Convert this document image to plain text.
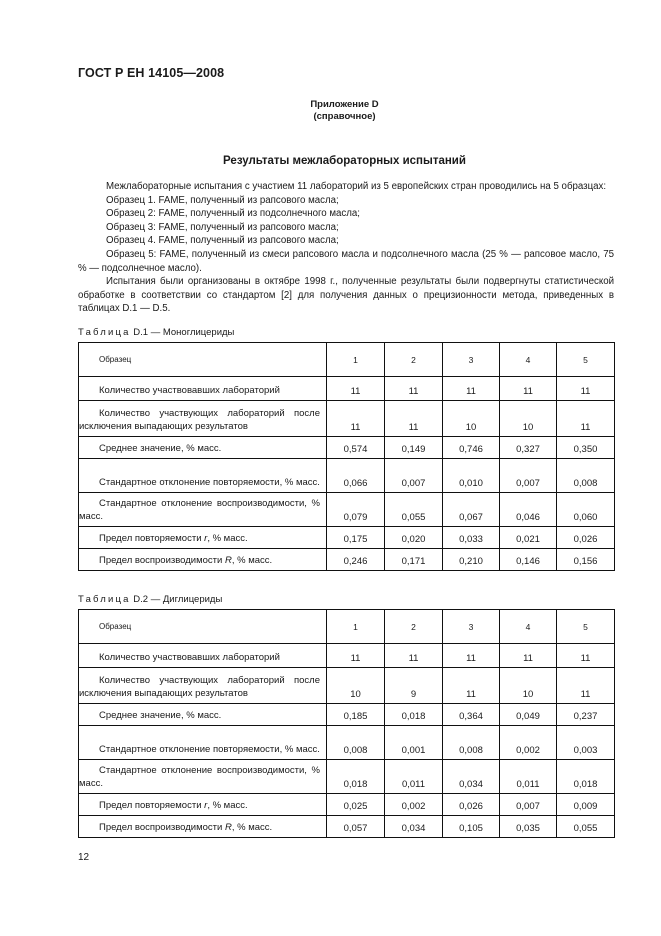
ГОСТ Р ЕН 14105—2008
Приложение D
(справочное)
Результаты межлабораторных испытаний

Межлабораторные испытания с участием 11 лабораторий из 5 европейских стран проводились на 5 образцах:

Образец 1. FAME, полученный из рапсового масла;

Образец 2: FAME, полученный из подсолнечного масла;

Образец 3: FAME, полученный из рапсового масла;

Образец 4. FAME, полученный из рапсового масла;

Образец 5: FAME, полученный из смеси рапсового масла и подсолнечного масла (25 % — рапсовое масло, 75 % — подсолнечное масло).

Испытания были организованы в октябре 1998 г., полученные результаты были подвергнуты статистической обработке в соответствии со стандартом [2] для получения данных о прецизионности метода, приведенных в таблицах D.1 — D.5.

Таблица D.1 — Моноглицериды
Образец	1	2	3	4	5

Количество участвовавших лабораторий	11	11	11	11	11

Количество участвующих лабораторий после исключения выпадающих результатов	11	11	10	10	11

Среднее значение, % масс.	0,574	0,149	0,746	0,327	0,350

Стандартное отклонение повторяемости, % масс.	0,066	0,007	0,010	0,007	0,008

Стандартное отклонение воспроизводимости, % масс.	0,079	0,055	0,067	0,046	0,060

Предел повторяемости r, % масс.	0,175	0,020	0,033	0,021	0,026

Предел воспроизводимости R, % масс.	0,246	0,171	0,210	0,146	0,156
Таблица D.2 — Диглицериды
Образец	1	2	3	4	5

Количество участвовавших лабораторий	11	11	11	11	11

Количество участвующих лабораторий после исключения выпадающих результатов	10	9	11	10	11

Среднее значение, % масс.	0,185	0,018	0,364	0,049	0,237

Стандартное отклонение повторяемости, % масс.	0,008	0,001	0,008	0,002	0,003

Стандартное отклонение воспроизводимости, % масс.	0,018	0,011	0,034	0,011	0,018

Предел повторяемости r, % масс.	0,025	0,002	0,026	0,007	0,009

Предел воспроизводимости R, % масс.	0,057	0,034	0,105	0,035	0,055
12
